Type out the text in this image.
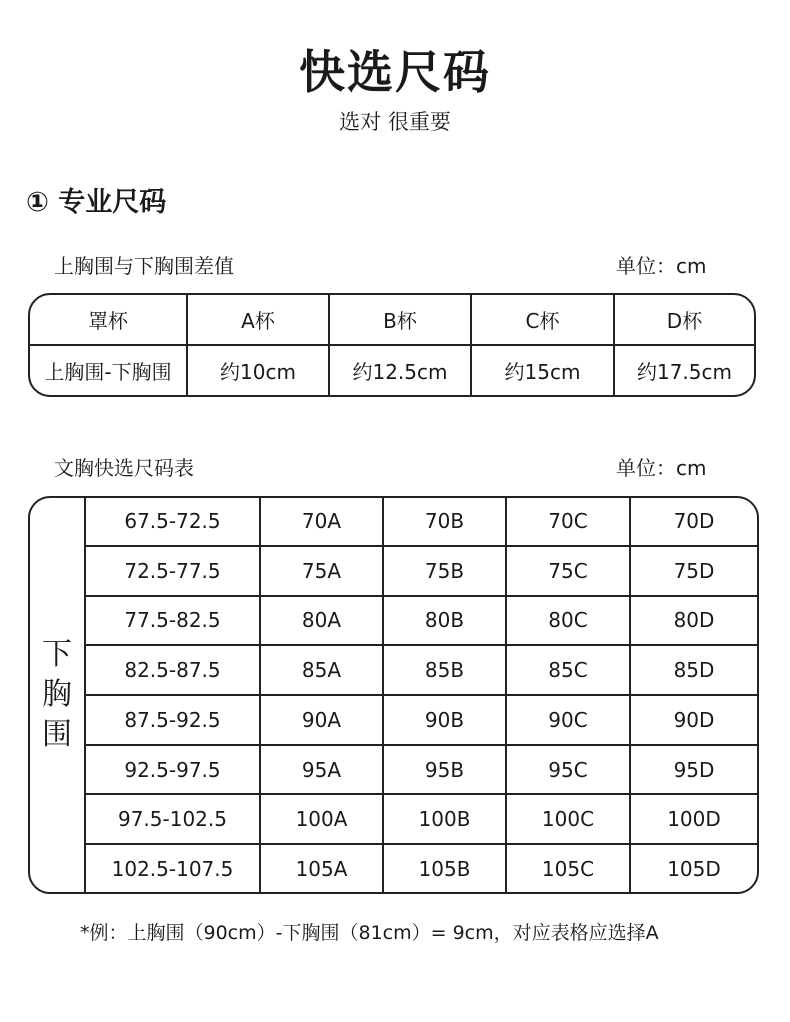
快选尺码
选对 很重要
① 专业尺码
上胸围与下胸围差值	单位：cm
罩杯	A杯	B杯	C杯	D杯
上胸围-下胸围	约10cm	约12.5cm	约15cm	约17.5cm
文胸快选尺码表	单位：cm
下
胸
围	67.5-72.5	70A	70B	70C	70D
	72.5-77.5	75A	75B	75C	75D
	77.5-82.5	80A	80B	80C	80D
	82.5-87.5	85A	85B	85C	85D
	87.5-92.5	90A	90B	90C	90D
	92.5-97.5	95A	95B	95C	95D
	97.5-102.5	100A	100B	100C	100D
	102.5-107.5	105A	105B	105C	105D
*例：上胸围（90cm）-下胸围（81cm）= 9cm，对应表格应选择A
